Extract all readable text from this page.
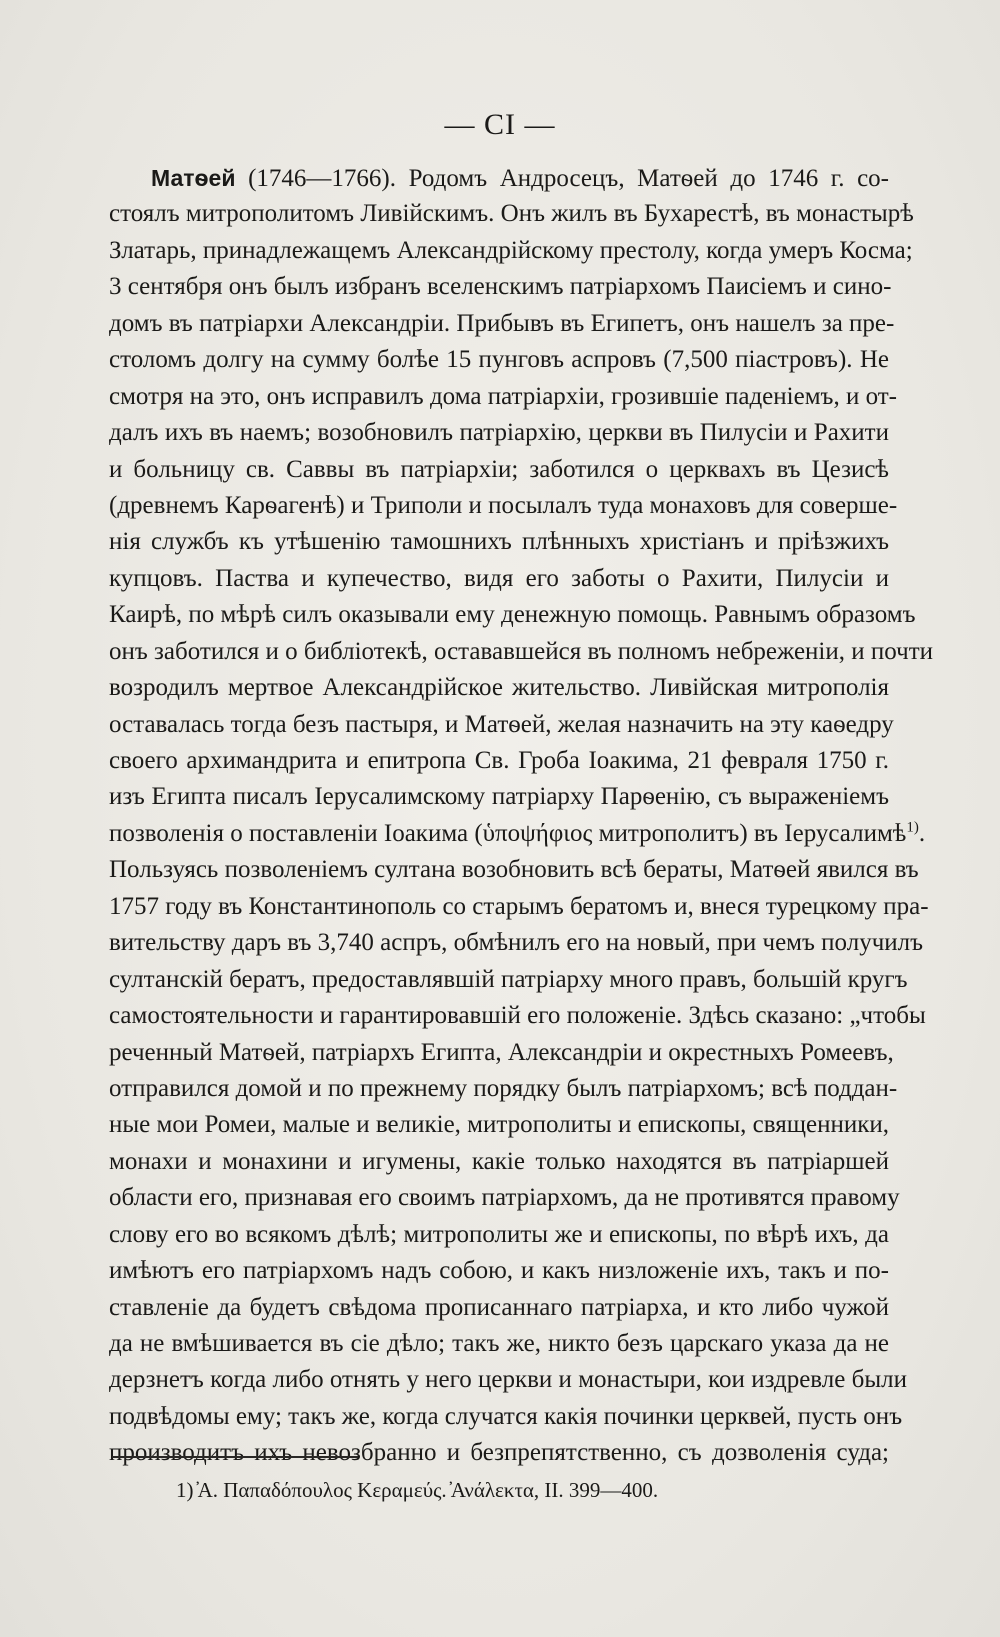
— CI —
Матѳей (1746—1766). Родомъ Андросецъ, Матѳей до 1746 г. со-
стоялъ митрополитомъ Ливійскимъ. Онъ жилъ въ Бухарестѣ, въ монастырѣ
Златарь, принадлежащемъ Александрійскому престолу, когда умеръ Косма;
3 сентября онъ былъ избранъ вселенскимъ патріархомъ Паисіемъ и сино-
домъ въ патріархи Александріи. Прибывъ въ Египетъ, онъ нашелъ за пре-
столомъ долгу на сумму болѣе 15 пунговъ аспровъ (7,500 піастровъ). Не
смотря на это, онъ исправилъ дома патріархіи, грозившіе паденіемъ, и от-
далъ ихъ въ наемъ; возобновилъ патріархію, церкви въ Пилусіи и Рахити
и больницу св. Саввы въ патріархіи; заботился о церквахъ въ Цезисѣ
(древнемъ Карѳагенѣ) и Триполи и посылалъ туда монаховъ для соверше-
нія службъ къ утѣшенію тамошнихъ плѣнныхъ христіанъ и пріѣзжихъ
купцовъ. Паства и купечество, видя его заботы о Рахити, Пилусіи и
Каирѣ, по мѣрѣ силъ оказывали ему денежную помощь. Равнымъ образомъ
онъ заботился и о библіотекѣ, остававшейся въ полномъ небреженіи, и почти
возродилъ мертвое Александрійское жительство. Ливійская митрополія
оставалась тогда безъ пастыря, и Матѳей, желая назначить на эту каѳедру
своего архимандрита и епитропа Св. Гроба Іоакима, 21 февраля 1750 г.
изъ Египта писалъ Іерусалимскому патріарху Парѳенію, съ выраженіемъ
позволенія о поставленіи Іоакима (ὑποψήφιος митрополитъ) въ Іерусалимѣ$^{1)}$.
Пользуясь позволеніемъ султана возобновить всѣ бераты, Матѳей явился въ
1757 году въ Константинополь со старымъ бератомъ и, внеся турецкому пра-
вительству даръ въ 3,740 аспръ, обмѣнилъ его на новый, при чемъ получилъ
султанскій бератъ, предоставлявшій патріарху много правъ, большій кругъ
самостоятельности и гарантировавшій его положеніе. Здѣсь сказано: „чтобы
реченный Матѳей, патріархъ Египта, Александріи и окрестныхъ Ромеевъ,
отправился домой и по прежнему порядку былъ патріархомъ; всѣ поддан-
ные мои Ромеи, малые и великіе, митрополиты и епископы, священники,
монахи и монахини и игумены, какіе только находятся въ патріаршей
области его, признавая его своимъ патріархомъ, да не противятся правому
слову его во всякомъ дѣлѣ; митрополиты же и епископы, по вѣрѣ ихъ, да
имѣютъ его патріархомъ надъ собою, и какъ низложеніе ихъ, такъ и по-
ставленіе да будетъ свѣдома прописаннаго патріарха, и кто либо чужой
да не вмѣшивается въ сіе дѣло; такъ же, никто безъ царскаго указа да не
дерзнетъ когда либо отнять у него церкви и монастыри, кои издревле были
подвѣдомы ему; такъ же, когда случатся какія починки церквей, пусть онъ
производитъ ихъ невозбранно и безпрепятственно, съ дозволенія суда;
1) ̓Α. Παπαδόπουλος Κεραμεύς. ̓Ανάλεκτα, II. 399—400.
